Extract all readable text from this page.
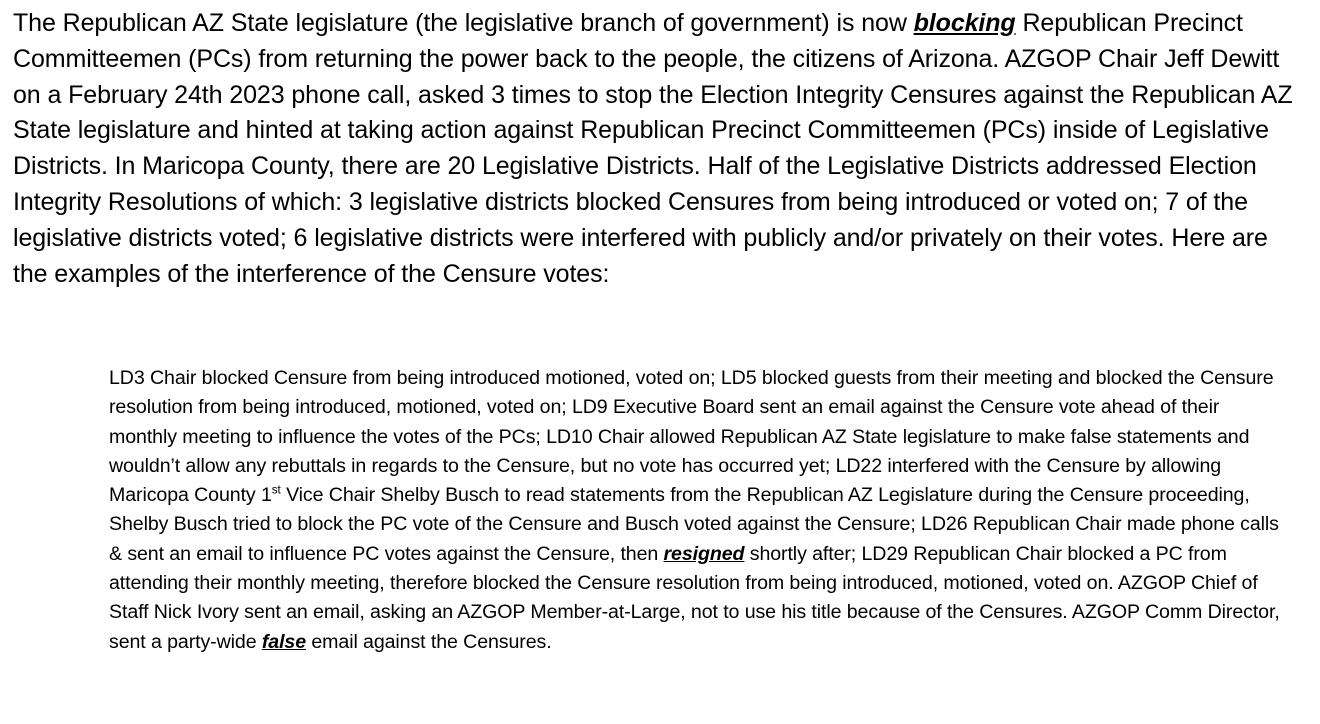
The Republican AZ State legislature (the legislative branch of government) is now blocking Republican Precinct Committeemen (PCs) from returning the power back to the people, the citizens of Arizona. AZGOP Chair Jeff Dewitt on a February 24th 2023 phone call, asked 3 times to stop the Election Integrity Censures against the Republican AZ State legislature and hinted at taking action against Republican Precinct Committeemen (PCs) inside of Legislative Districts. In Maricopa County, there are 20 Legislative Districts. Half of the Legislative Districts addressed Election Integrity Resolutions of which: 3 legislative districts blocked Censures from being introduced or voted on; 7 of the legislative districts voted; 6 legislative districts were interfered with publicly and/or privately on their votes. Here are the examples of the interference of the Censure votes:

LD3 Chair blocked Censure from being introduced motioned, voted on; LD5 blocked guests from their meeting and blocked the Censure resolution from being introduced, motioned, voted on; LD9 Executive Board sent an email against the Censure vote ahead of their monthly meeting to influence the votes of the PCs; LD10 Chair allowed Republican AZ State legislature to make false statements and wouldn’t allow any rebuttals in regards to the Censure, but no vote has occurred yet; LD22 interfered with the Censure by allowing Maricopa County 1st Vice Chair Shelby Busch to read statements from the Republican AZ Legislature during the Censure proceeding, Shelby Busch tried to block the PC vote of the Censure and Busch voted against the Censure; LD26 Republican Chair made phone calls & sent an email to influence PC votes against the Censure, then resigned shortly after; LD29 Republican Chair blocked a PC from attending their monthly meeting, therefore blocked the Censure resolution from being introduced, motioned, voted on. AZGOP Chief of Staff Nick Ivory sent an email, asking an AZGOP Member-at-Large, not to use his title because of the Censures. AZGOP Comm Director, sent a party-wide false email against the Censures.
